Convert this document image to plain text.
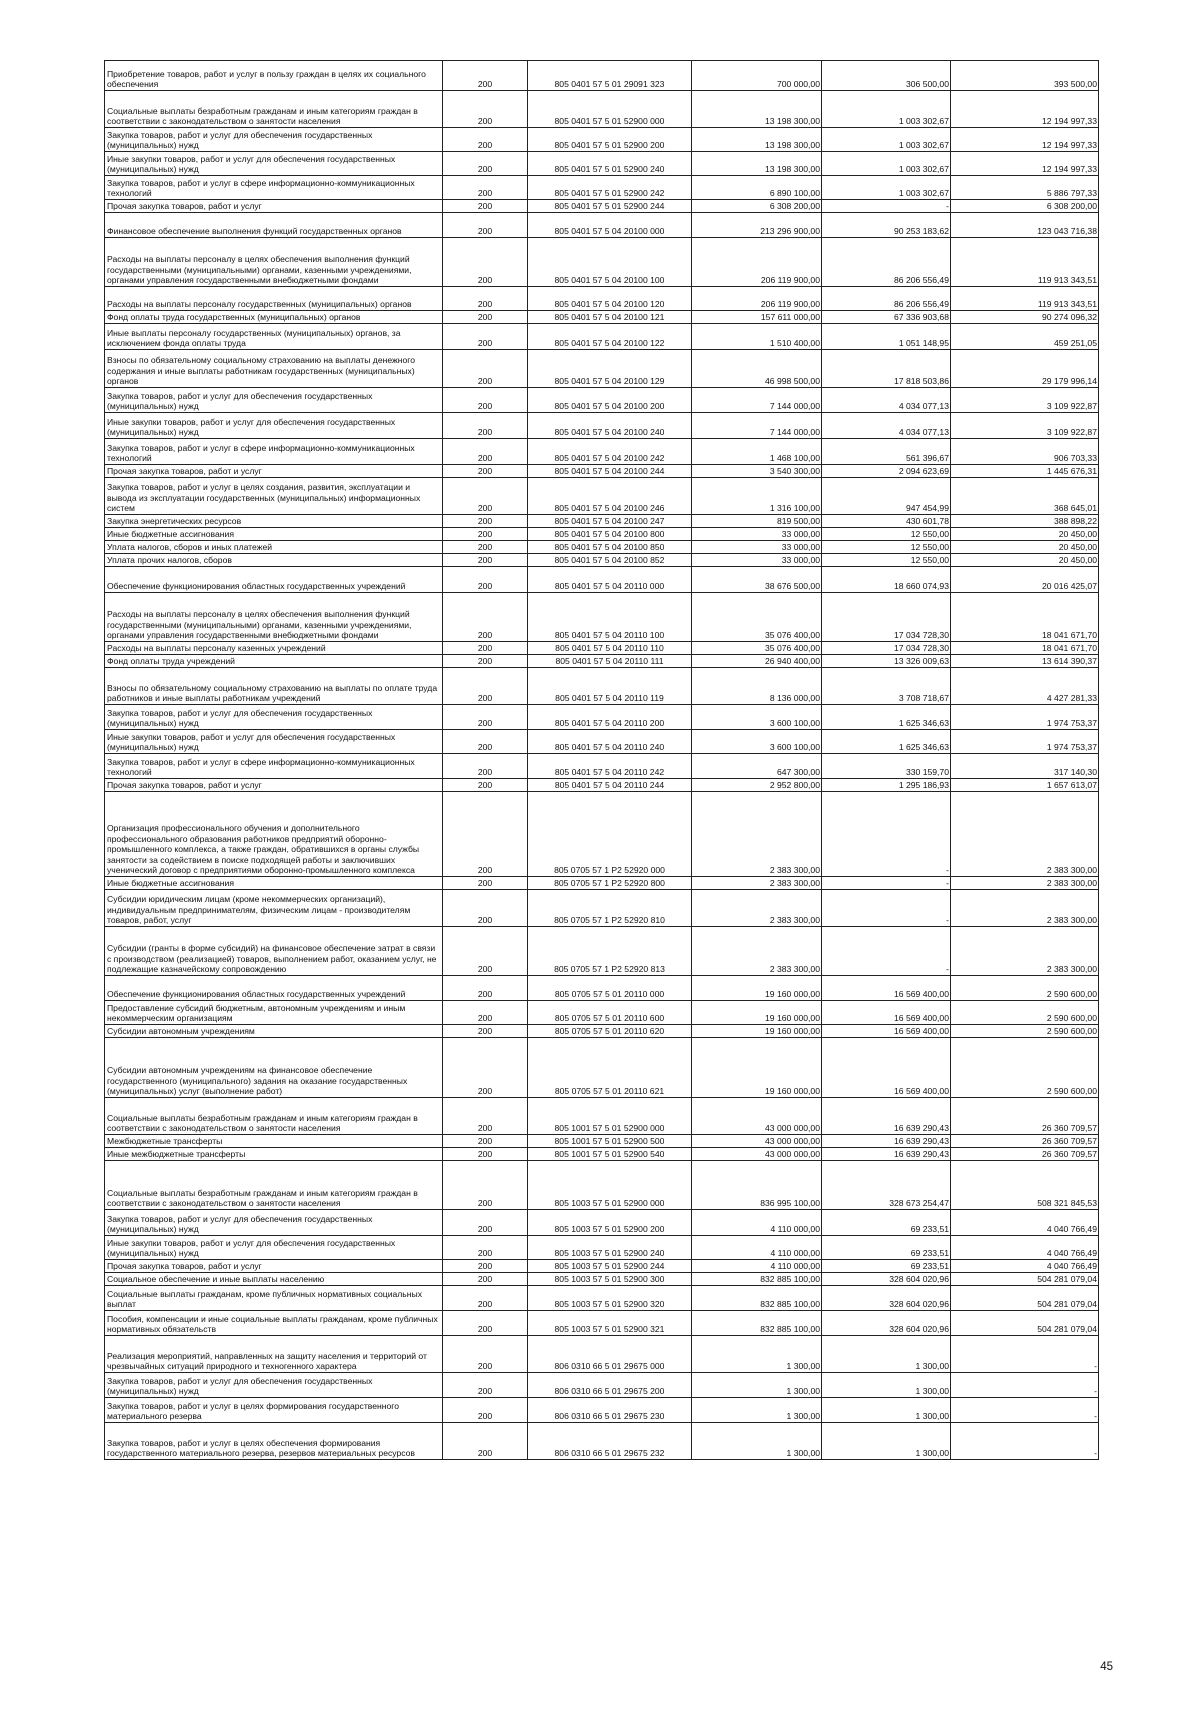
Приобретение товаров, работ и услуг в пользу граждан в целях их социального обеспечения	200	805 0401 57 5 01 29091 323	700 000,00	306 500,00	393 500,00
Социальные выплаты безработным гражданам и иным категориям граждан в соответствии с законодательством о занятости населения	200	805 0401 57 5 01 52900 000	13 198 300,00	1 003 302,67	12 194 997,33
Закупка товаров, работ и услуг для обеспечения государственных (муниципальных) нужд	200	805 0401 57 5 01 52900 200	13 198 300,00	1 003 302,67	12 194 997,33
Иные закупки товаров, работ и услуг для обеспечения государственных (муниципальных) нужд	200	805 0401 57 5 01 52900 240	13 198 300,00	1 003 302,67	12 194 997,33
Закупка товаров, работ и услуг в сфере информационно-коммуникационных технологий	200	805 0401 57 5 01 52900 242	6 890 100,00	1 003 302,67	5 886 797,33
Прочая закупка товаров, работ и услуг	200	805 0401 57 5 01 52900 244	6 308 200,00	-	6 308 200,00
Финансовое обеспечение выполнения функций государственных органов	200	805 0401 57 5 04 20100 000	213 296 900,00	90 253 183,62	123 043 716,38
Расходы на выплаты персоналу в целях обеспечения выполнения функций государственными (муниципальными) органами, казенными учреждениями, органами управления государственными внебюджетными фондами	200	805 0401 57 5 04 20100 100	206 119 900,00	86 206 556,49	119 913 343,51
Расходы на выплаты персоналу государственных (муниципальных) органов	200	805 0401 57 5 04 20100 120	206 119 900,00	86 206 556,49	119 913 343,51
Фонд оплаты труда государственных (муниципальных) органов	200	805 0401 57 5 04 20100 121	157 611 000,00	67 336 903,68	90 274 096,32
Иные выплаты персоналу государственных (муниципальных) органов, за исключением фонда оплаты труда	200	805 0401 57 5 04 20100 122	1 510 400,00	1 051 148,95	459 251,05
Взносы по обязательному социальному страхованию на выплаты денежного содержания и иные выплаты работникам государственных (муниципальных) органов	200	805 0401 57 5 04 20100 129	46 998 500,00	17 818 503,86	29 179 996,14
Закупка товаров, работ и услуг для обеспечения государственных (муниципальных) нужд	200	805 0401 57 5 04 20100 200	7 144 000,00	4 034 077,13	3 109 922,87
Иные закупки товаров, работ и услуг для обеспечения государственных (муниципальных) нужд	200	805 0401 57 5 04 20100 240	7 144 000,00	4 034 077,13	3 109 922,87
Закупка товаров, работ и услуг в сфере информационно-коммуникационных технологий	200	805 0401 57 5 04 20100 242	1 468 100,00	561 396,67	906 703,33
Прочая закупка товаров, работ и услуг	200	805 0401 57 5 04 20100 244	3 540 300,00	2 094 623,69	1 445 676,31
Закупка товаров, работ и услуг в целях создания, развития, эксплуатации и вывода из эксплуатации государственных (муниципальных) информационных систем	200	805 0401 57 5 04 20100 246	1 316 100,00	947 454,99	368 645,01
Закупка энергетических ресурсов	200	805 0401 57 5 04 20100 247	819 500,00	430 601,78	388 898,22
Иные бюджетные ассигнования	200	805 0401 57 5 04 20100 800	33 000,00	12 550,00	20 450,00
Уплата налогов, сборов и иных платежей	200	805 0401 57 5 04 20100 850	33 000,00	12 550,00	20 450,00
Уплата прочих налогов, сборов	200	805 0401 57 5 04 20100 852	33 000,00	12 550,00	20 450,00
Обеспечение функционирования областных государственных учреждений	200	805 0401 57 5 04 20110 000	38 676 500,00	18 660 074,93	20 016 425,07
Расходы на выплаты персоналу в целях обеспечения выполнения функций государственными (муниципальными) органами, казенными учреждениями, органами управления государственными внебюджетными фондами	200	805 0401 57 5 04 20110 100	35 076 400,00	17 034 728,30	18 041 671,70
Расходы на выплаты персоналу казенных учреждений	200	805 0401 57 5 04 20110 110	35 076 400,00	17 034 728,30	18 041 671,70
Фонд оплаты труда учреждений	200	805 0401 57 5 04 20110 111	26 940 400,00	13 326 009,63	13 614 390,37
Взносы по обязательному социальному страхованию на выплаты по оплате труда работников и иные выплаты работникам учреждений	200	805 0401 57 5 04 20110 119	8 136 000,00	3 708 718,67	4 427 281,33
Закупка товаров, работ и услуг для обеспечения государственных (муниципальных) нужд	200	805 0401 57 5 04 20110 200	3 600 100,00	1 625 346,63	1 974 753,37
Иные закупки товаров, работ и услуг для обеспечения государственных (муниципальных) нужд	200	805 0401 57 5 04 20110 240	3 600 100,00	1 625 346,63	1 974 753,37
Закупка товаров, работ и услуг в сфере информационно-коммуникационных технологий	200	805 0401 57 5 04 20110 242	647 300,00	330 159,70	317 140,30
Прочая закупка товаров, работ и услуг	200	805 0401 57 5 04 20110 244	2 952 800,00	1 295 186,93	1 657 613,07
Организация профессионального обучения и дополнительного профессионального образования работников предприятий оборонно-промышленного комплекса, а также граждан, обратившихся в органы службы занятости за содействием в поиске подходящей работы и заключивших ученический договор с предприятиями оборонно-промышленного комплекса	200	805 0705 57 1 P2 52920 000	2 383 300,00	-	2 383 300,00
Иные бюджетные ассигнования	200	805 0705 57 1 P2 52920 800	2 383 300,00	-	2 383 300,00
Субсидии юридическим лицам (кроме некоммерческих организаций), индивидуальным предпринимателям, физическим лицам - производителям товаров, работ, услуг	200	805 0705 57 1 P2 52920 810	2 383 300,00	-	2 383 300,00
Субсидии (гранты в форме субсидий) на финансовое обеспечение затрат в связи с производством (реализацией) товаров, выполнением работ, оказанием услуг, не подлежащие казначейскому сопровождению	200	805 0705 57 1 P2 52920 813	2 383 300,00	-	2 383 300,00
Обеспечение функционирования областных государственных учреждений	200	805 0705 57 5 01 20110 000	19 160 000,00	16 569 400,00	2 590 600,00
Предоставление субсидий бюджетным, автономным учреждениям и иным некоммерческим организациям	200	805 0705 57 5 01 20110 600	19 160 000,00	16 569 400,00	2 590 600,00
Субсидии автономным учреждениям	200	805 0705 57 5 01 20110 620	19 160 000,00	16 569 400,00	2 590 600,00
Субсидии автономным учреждениям на финансовое обеспечение государственного (муниципального) задания на оказание государственных (муниципальных) услуг (выполнение работ)	200	805 0705 57 5 01 20110 621	19 160 000,00	16 569 400,00	2 590 600,00
Социальные выплаты безработным гражданам и иным категориям граждан в соответствии с законодательством о занятости населения	200	805 1001 57 5 01 52900 000	43 000 000,00	16 639 290,43	26 360 709,57
Межбюджетные трансферты	200	805 1001 57 5 01 52900 500	43 000 000,00	16 639 290,43	26 360 709,57
Иные межбюджетные трансферты	200	805 1001 57 5 01 52900 540	43 000 000,00	16 639 290,43	26 360 709,57
Социальные выплаты безработным гражданам и иным категориям граждан в соответствии с законодательством о занятости населения	200	805 1003 57 5 01 52900 000	836 995 100,00	328 673 254,47	508 321 845,53
Закупка товаров, работ и услуг для обеспечения государственных (муниципальных) нужд	200	805 1003 57 5 01 52900 200	4 110 000,00	69 233,51	4 040 766,49
Иные закупки товаров, работ и услуг для обеспечения государственных (муниципальных) нужд	200	805 1003 57 5 01 52900 240	4 110 000,00	69 233,51	4 040 766,49
Прочая закупка товаров, работ и услуг	200	805 1003 57 5 01 52900 244	4 110 000,00	69 233,51	4 040 766,49
Социальное обеспечение и иные выплаты населению	200	805 1003 57 5 01 52900 300	832 885 100,00	328 604 020,96	504 281 079,04
Социальные выплаты гражданам, кроме публичных нормативных социальных выплат	200	805 1003 57 5 01 52900 320	832 885 100,00	328 604 020,96	504 281 079,04
Пособия, компенсации и иные социальные выплаты гражданам, кроме публичных нормативных обязательств	200	805 1003 57 5 01 52900 321	832 885 100,00	328 604 020,96	504 281 079,04
Реализация мероприятий, направленных на защиту населения и территорий от чрезвычайных ситуаций природного и техногенного характера	200	806 0310 66 5 01 29675 000	1 300,00	1 300,00	-
Закупка товаров, работ и услуг для обеспечения государственных (муниципальных) нужд	200	806 0310 66 5 01 29675 200	1 300,00	1 300,00	-
Закупка товаров, работ и услуг в целях формирования государственного материального резерва	200	806 0310 66 5 01 29675 230	1 300,00	1 300,00	-
Закупка товаров, работ и услуг в целях обеспечения формирования государственного материального резерва, резервов материальных ресурсов	200	806 0310 66 5 01 29675 232	1 300,00	1 300,00	-
45
